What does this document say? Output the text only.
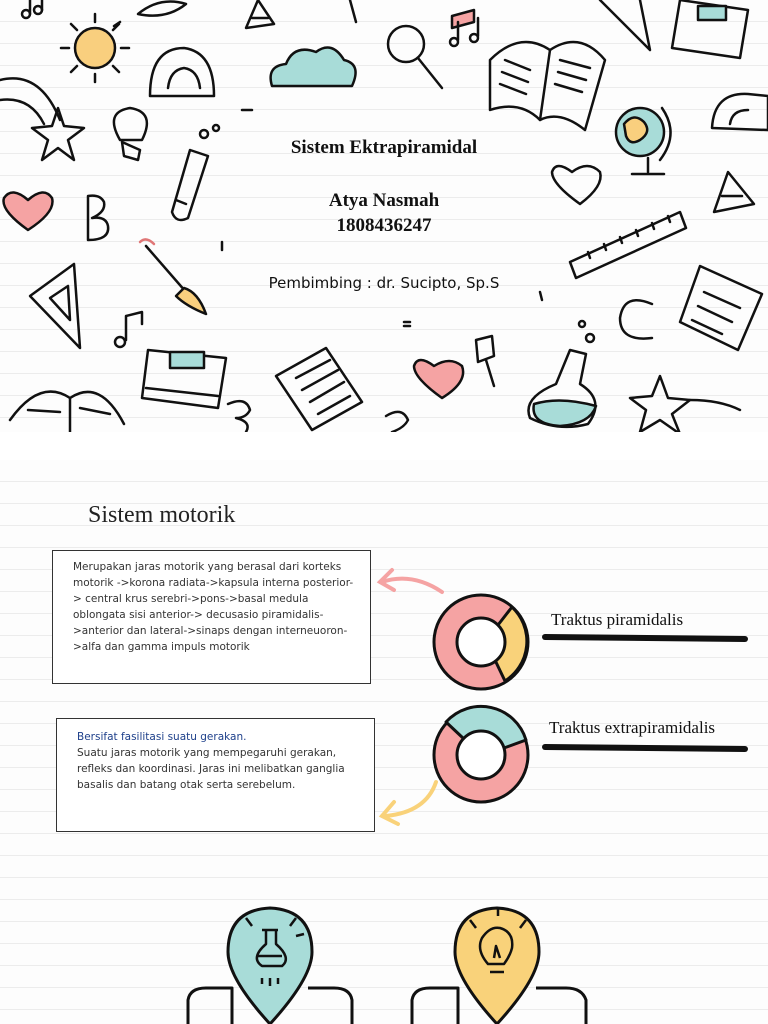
Sistem Ektrapiramidal
Atya Nasmah
1808436247
Pembimbing : dr. Sucipto, Sp.S
Sistem motorik
Merupakan jaras motorik yang berasal dari korteks motorik ->korona radiata->kapsula interna posterior-> central krus serebri->pons->basal medula oblongata sisi anterior-> decusasio piramidalis->anterior dan lateral->sinaps dengan interneuoron->alfa dan gamma impuls motorik
Bersifat fasilitasi suatu gerakan.
Suatu jaras motorik yang mempegaruhi gerakan, refleks dan koordinasi. Jaras ini melibatkan ganglia basalis dan batang otak serta serebelum.
Traktus piramidalis
Traktus extrapiramidalis
